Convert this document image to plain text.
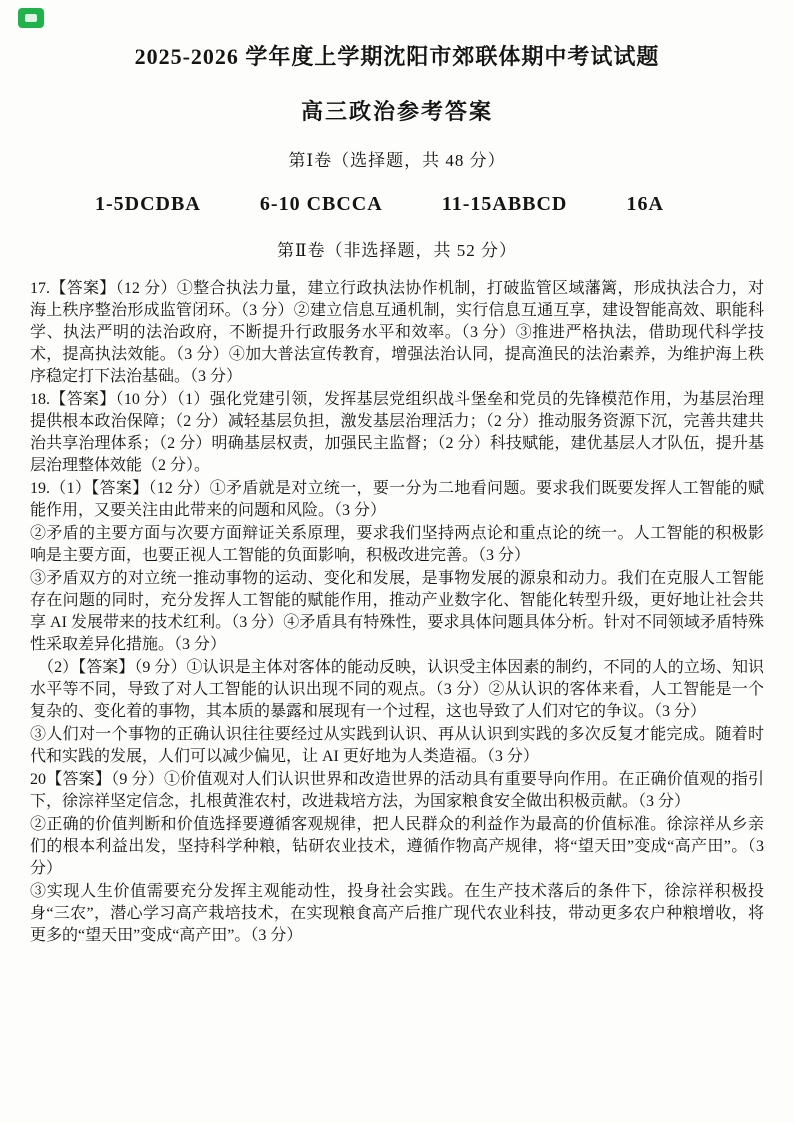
2025-2026 学年度上学期沈阳市郊联体期中考试试题
高三政治参考答案
第Ⅰ卷（选择题，共 48 分）
1-5DCDBA	6-10 CBCCA	11-15ABBCD	16A
第Ⅱ卷（非选择题，共 52 分）

17.【答案】（12 分）①整合执法力量，建立行政执法协作机制，打破监管区域藩篱，形成执法合力，对海上秩序整治形成监管闭环。（3 分）②建立信息互通机制，实行信息互通互享，建设智能高效、职能科学、执法严明的法治政府，不断提升行政服务水平和效率。（3 分）③推进严格执法，借助现代科学技术，提高执法效能。（3 分）④加大普法宣传教育，增强法治认同，提高渔民的法治素养，为维护海上秩序稳定打下法治基础。（3 分）

18.【答案】（10 分）（1）强化党建引领，发挥基层党组织战斗堡垒和党员的先锋模范作用，为基层治理提供根本政治保障；（2 分）减轻基层负担，激发基层治理活力；（2 分）推动服务资源下沉，完善共建共治共享治理体系；（2 分）明确基层权责，加强民主监督；（2 分）科技赋能，建优基层人才队伍，提升基层治理整体效能（2 分）。

19.（1）【答案】（12 分）①矛盾就是对立统一，要一分为二地看问题。要求我们既要发挥人工智能的赋能作用，又要关注由此带来的问题和风险。（3 分）

②矛盾的主要方面与次要方面辩证关系原理，要求我们坚持两点论和重点论的统一。人工智能的积极影响是主要方面，也要正视人工智能的负面影响，积极改进完善。（3 分）

③矛盾双方的对立统一推动事物的运动、变化和发展，是事物发展的源泉和动力。我们在克服人工智能存在问题的同时，充分发挥人工智能的赋能作用，推动产业数字化、智能化转型升级，更好地让社会共享 AI 发展带来的技术红利。（3 分）④矛盾具有特殊性，要求具体问题具体分析。针对不同领域矛盾特殊性采取差异化措施。（3 分）

 （2）【答案】（9 分）①认识是主体对客体的能动反映，认识受主体因素的制约，不同的人的立场、知识水平等不同，导致了对人工智能的认识出现不同的观点。（3 分）②从认识的客体来看，人工智能是一个复杂的、变化着的事物，其本质的暴露和展现有一个过程，这也导致了人们对它的争议。（3 分）

③人们对一个事物的正确认识往往要经过从实践到认识、再从认识到实践的多次反复才能完成。随着时代和实践的发展，人们可以减少偏见，让 AI 更好地为人类造福。（3 分）

20【答案】（9 分）①价值观对人们认识世界和改造世界的活动具有重要导向作用。在正确价值观的指引下，徐淙祥坚定信念，扎根黄淮农村，改进栽培方法，为国家粮食安全做出积极贡献。（3 分）

②正确的价值判断和价值选择要遵循客观规律，把人民群众的利益作为最高的价值标准。徐淙祥从乡亲们的根本利益出发，坚持科学种粮，钻研农业技术，遵循作物高产规律，将“望天田”变成“高产田”。（3 分）

③实现人生价值需要充分发挥主观能动性，投身社会实践。在生产技术落后的条件下，徐淙祥积极投身“三农”，潜心学习高产栽培技术，在实现粮食高产后推广现代农业科技，带动更多农户种粮增收，将更多的“望天田”变成“高产田”。（3 分）
